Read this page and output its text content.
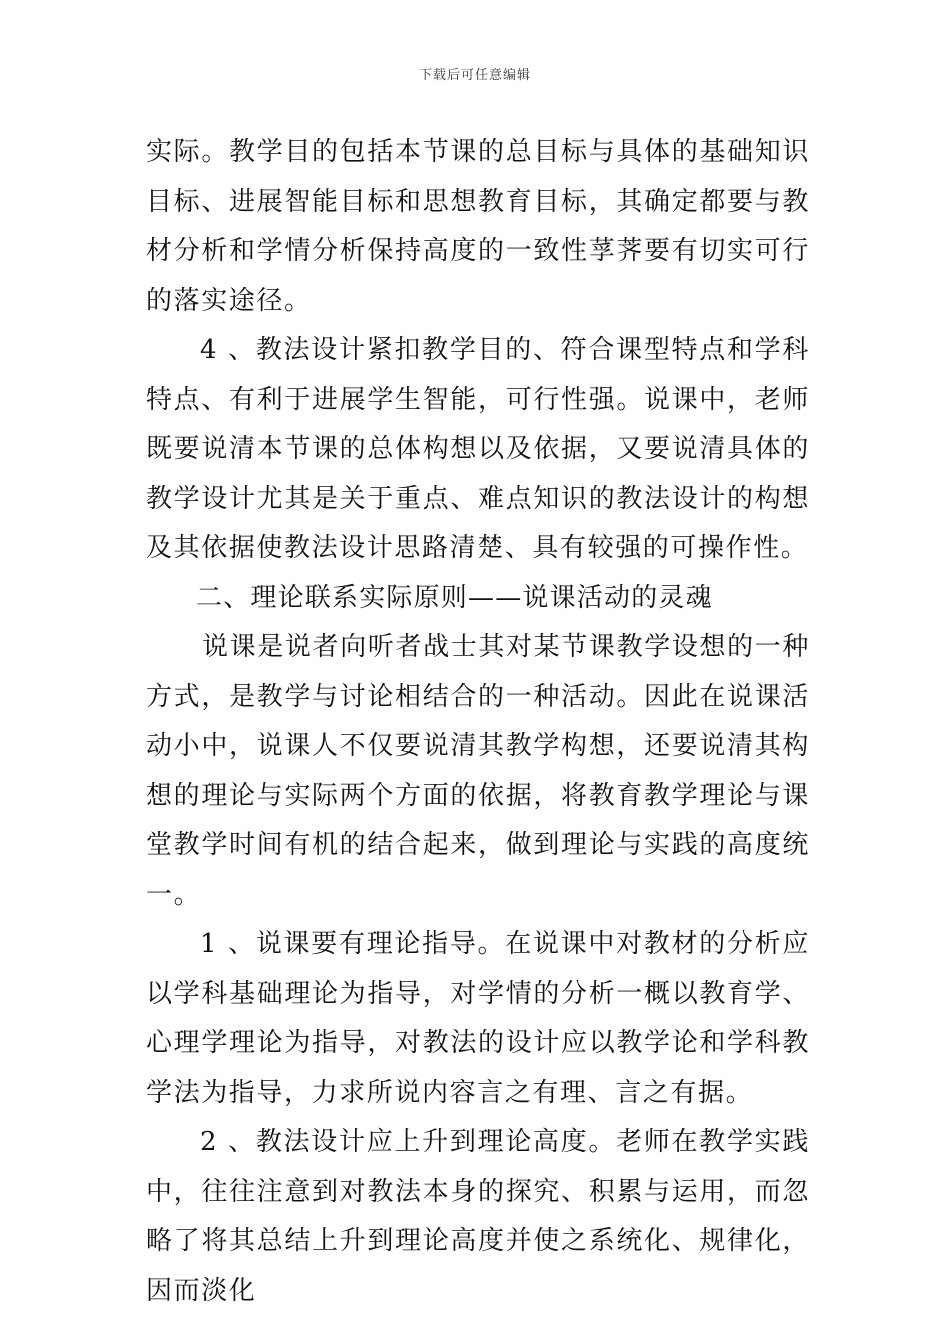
下载后可任意编辑

实际。教学目的包括本节课的总目标与具体的基础知识目标、进展智能目标和思想教育目标，其确定都要与教材分析和学情分析保持高度的一致性莩荠要有切实可行的落实途径。

4 、教法设计紧扣教学目的、符合课型特点和学科特点、有利于进展学生智能，可行性强。说课中，老师既要说清本节课的总体构想以及依据，又要说清具体的教学设计尤其是关于重点、难点知识的教法设计的构想及其依据使教法设计思路清楚、具有较强的可操作性。

二、理论联系实际原则——说课活动的灵魂

说课是说者向听者战士其对某节课教学设想的一种方式，是教学与讨论相结合的一种活动。因此在说课活动小中，说课人不仅要说清其教学构想，还要说清其构想的理论与实际两个方面的依据，将教育教学理论与课堂教学时间有机的结合起来，做到理论与实践的高度统一。

1 、说课要有理论指导。在说课中对教材的分析应以学科基础理论为指导，对学情的分析一概以教育学、心理学理论为指导，对教法的设计应以教学论和学科教学法为指导，力求所说内容言之有理、言之有据。

2 、教法设计应上升到理论高度。老师在教学实践中，往往注意到对教法本身的探究、积累与运用，而忽略了将其总结上升到理论高度并使之系统化、规律化，因而淡化
